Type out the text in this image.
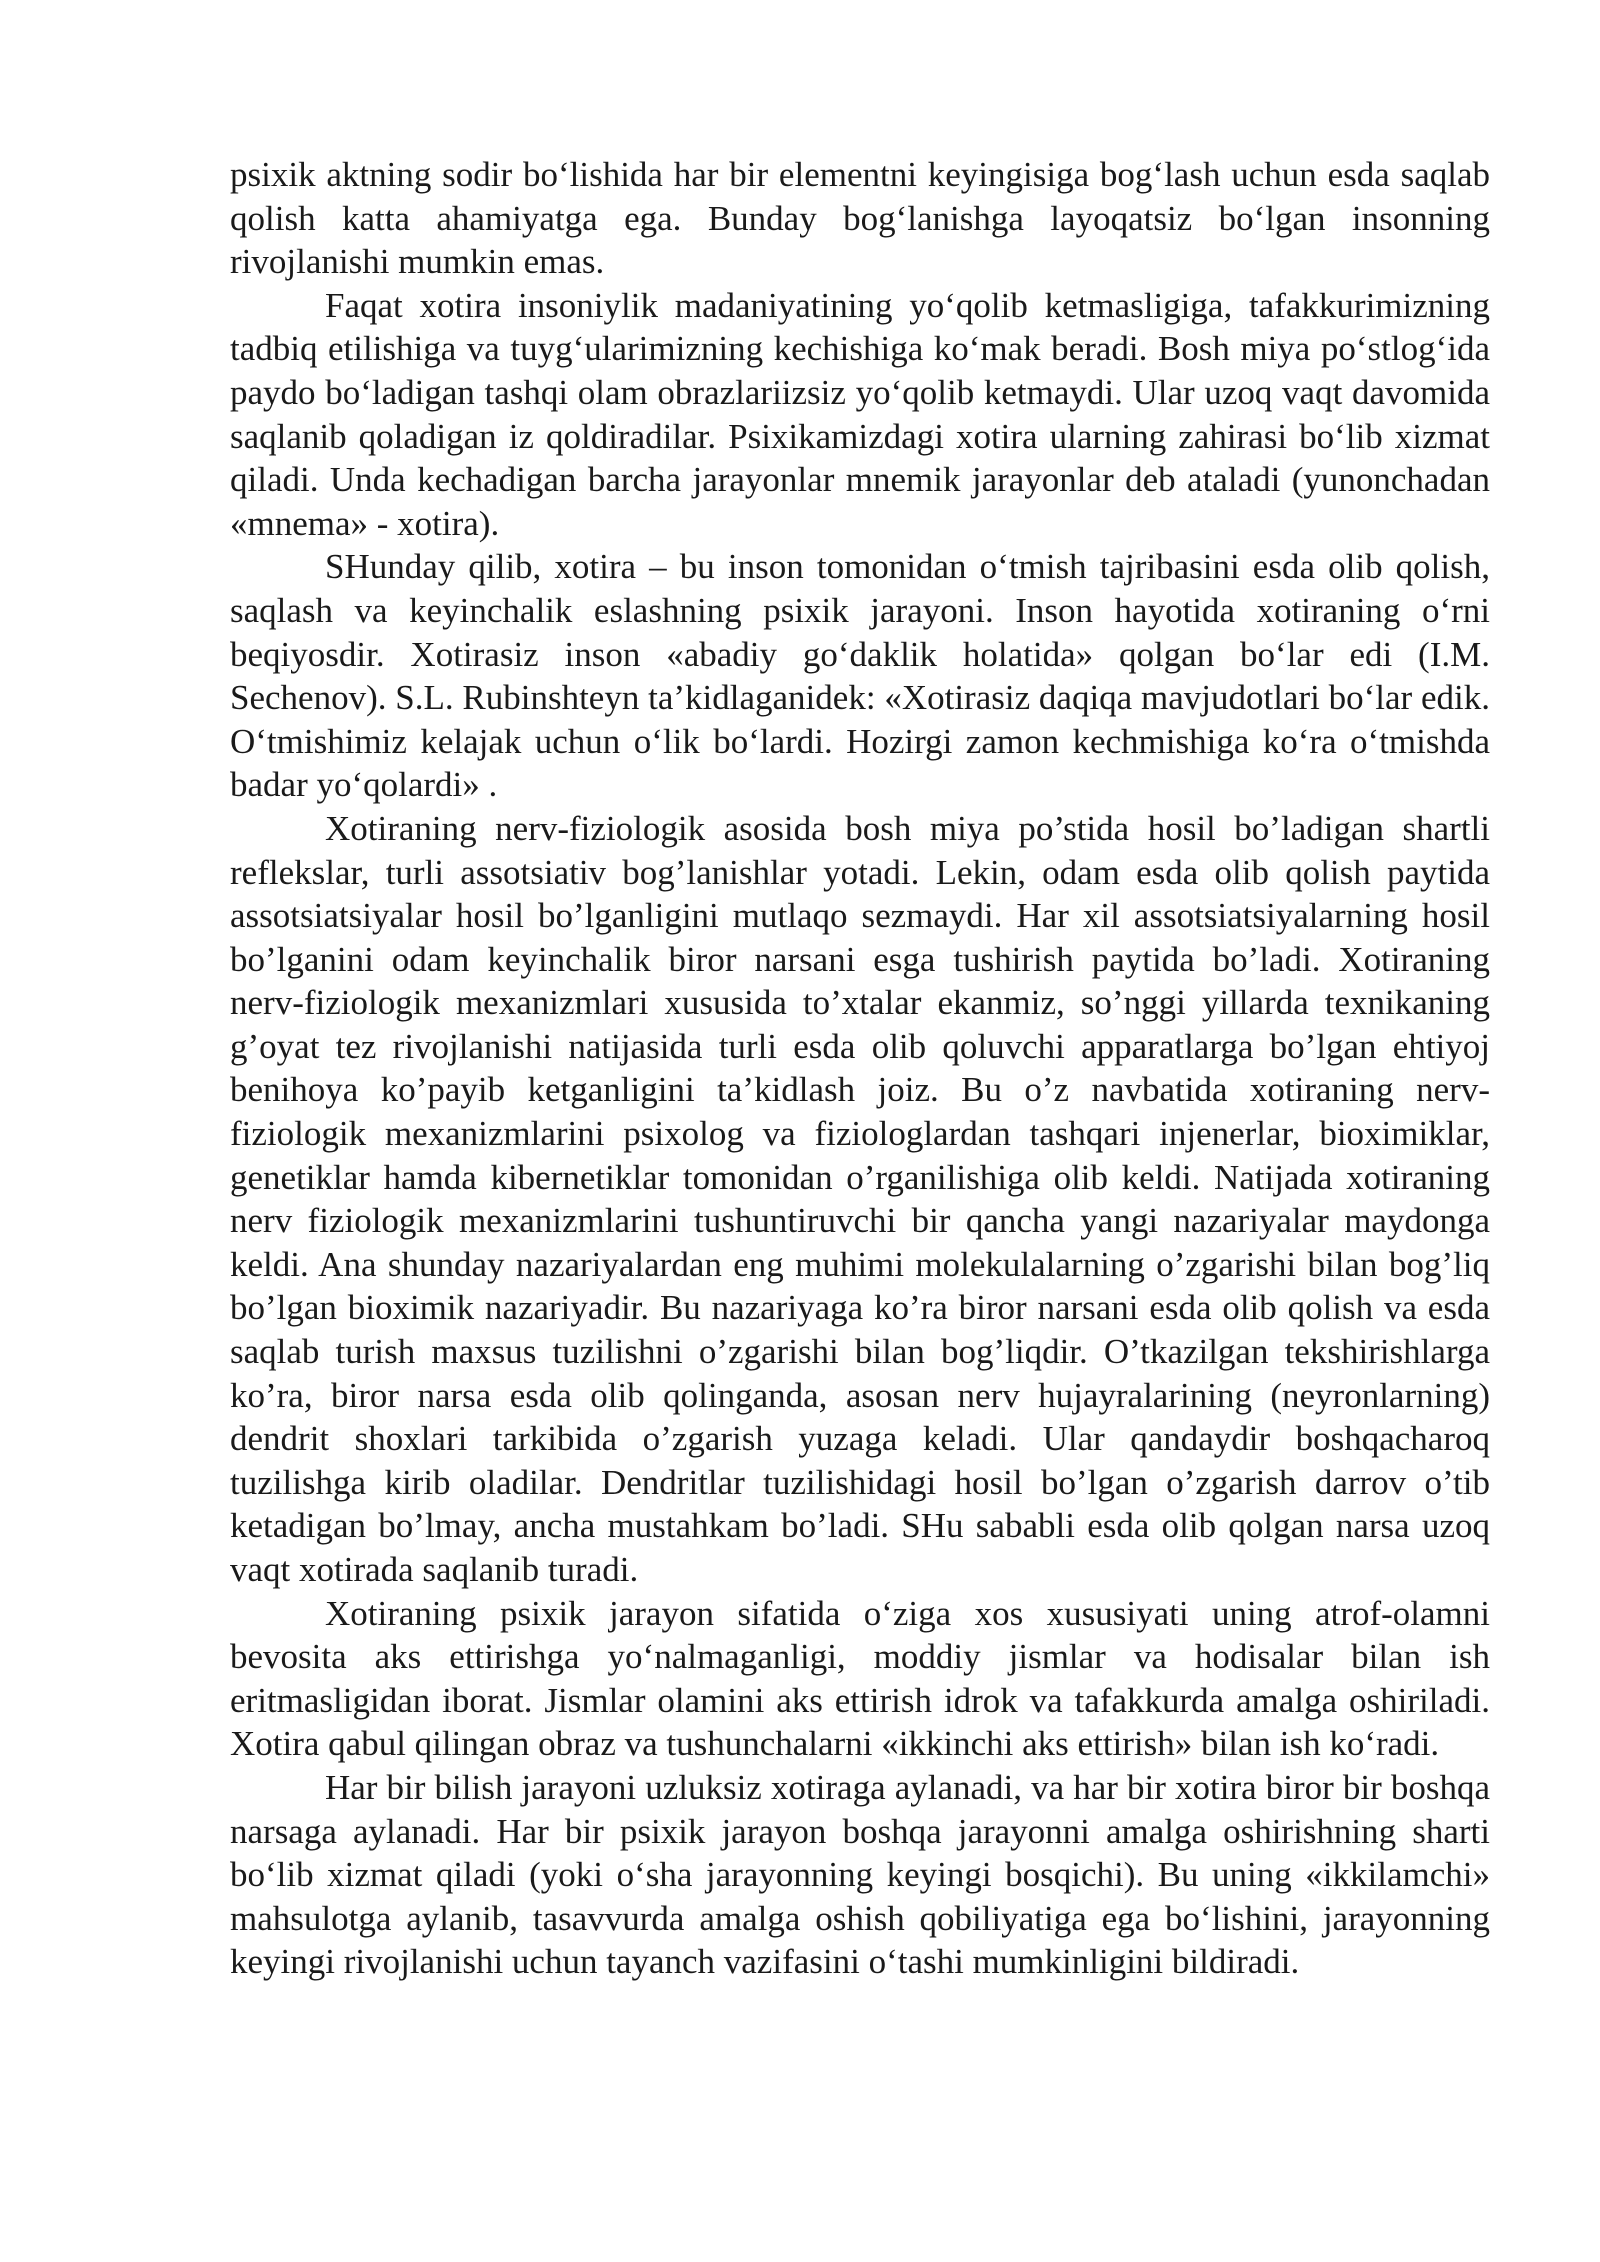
psixik aktning sodir bo‘lishida har bir elementni keyingisiga bog‘lash uchun esda saqlab qolish katta ahamiyatga ega. Bunday bog‘lanishga layoqatsiz bo‘lgan insonning rivojlanishi mumkin emas.

Faqat xotira insoniylik madaniyatining yo‘qolib ketmasligiga, tafakkurimizning tadbiq etilishiga va tuyg‘ularimizning kechishiga ko‘mak beradi. Bosh miya po‘stlog‘ida paydo bo‘ladigan tashqi olam obrazlariizsiz yo‘qolib ketmaydi. Ular uzoq vaqt davomida saqlanib qoladigan iz qoldiradilar. Psixikamizdagi xotira ularning zahirasi bo‘lib xizmat qiladi. Unda kechadigan barcha jarayonlar mnemik jarayonlar deb ataladi (yunonchadan «mnema» - xotira).

SHunday qilib, xotira – bu inson tomonidan o‘tmish tajribasini esda olib qolish, saqlash va keyinchalik eslashning psixik jarayoni. Inson hayotida xotiraning o‘rni beqiyosdir. Xotirasiz inson «abadiy go‘daklik holatida» qolgan bo‘lar edi (I.M. Sechenov). S.L. Rubinshteyn ta’kidlaganidek: «Xotirasiz daqiqa mavjudotlari bo‘lar edik. O‘tmishimiz kelajak uchun o‘lik bo‘lardi. Hozirgi zamon kechmishiga ko‘ra o‘tmishda badar yo‘qolardi» .

Xotiraning nerv-fiziologik asosida bosh miya po’stida hosil bo’ladigan shartli reflekslar, turli assotsiativ bog’lanishlar yotadi. Lekin, odam esda olib qolish paytida assotsiatsiyalar hosil bo’lganligini mutlaqo sezmaydi. Har xil assotsiatsiyalarning hosil bo’lganini odam keyinchalik biror narsani esga tushirish paytida bo’ladi. Xotiraning nerv-fiziologik mexanizmlari xususida to’xtalar ekanmiz, so’nggi yillarda texnikaning g’oyat tez rivojlanishi natijasida turli esda olib qoluvchi apparatlarga bo’lgan ehtiyoj benihoya ko’payib ketganligini ta’kidlash joiz. Bu o’z navbatida xotiraning nerv-fiziologik mexanizmlarini psixolog va fiziologlardan tashqari injenerlar, bioximiklar, genetiklar hamda kibernetiklar tomonidan o’rganilishiga olib keldi. Natijada xotiraning nerv fiziologik mexanizmlarini tushuntiruvchi bir qancha yangi nazariyalar maydonga keldi. Ana shunday nazariyalardan eng muhimi molekulalarning o’zgarishi bilan bog’liq bo’lgan bioximik nazariyadir. Bu nazariyaga ko’ra biror narsani esda olib qolish va esda saqlab turish maxsus tuzilishni o’zgarishi bilan bog’liqdir. O’tkazilgan tekshirishlarga ko’ra, biror narsa esda olib qolinganda, asosan nerv hujayralarining (neyronlarning) dendrit shoxlari tarkibida o’zgarish yuzaga keladi. Ular qandaydir boshqacharoq tuzilishga kirib oladilar. Dendritlar tuzilishidagi hosil bo’lgan o’zgarish darrov o’tib ketadigan bo’lmay, ancha mustahkam bo’ladi. SHu sababli esda olib qolgan narsa uzoq vaqt xotirada saqlanib turadi.

Xotiraning psixik jarayon sifatida o‘ziga xos xususiyati uning atrof-olamni bevosita aks ettirishga yo‘nalmaganligi, moddiy jismlar va hodisalar bilan ish eritmasligidan iborat. Jismlar olamini aks ettirish idrok va tafakkurda amalga oshiriladi. Xotira qabul qilingan obraz va tushunchalarni «ikkinchi aks ettirish» bilan ish ko‘radi.

Har bir bilish jarayoni uzluksiz xotiraga aylanadi, va har bir xotira biror bir boshqa narsaga aylanadi. Har bir psixik jarayon boshqa jarayonni amalga oshirishning sharti bo‘lib xizmat qiladi (yoki o‘sha jarayonning keyingi bosqichi). Bu uning «ikkilamchi» mahsulotga aylanib, tasavvurda amalga oshish qobiliyatiga ega bo‘lishini, jarayonning keyingi rivojlanishi uchun tayanch vazifasini o‘tashi mumkinligini bildiradi.
